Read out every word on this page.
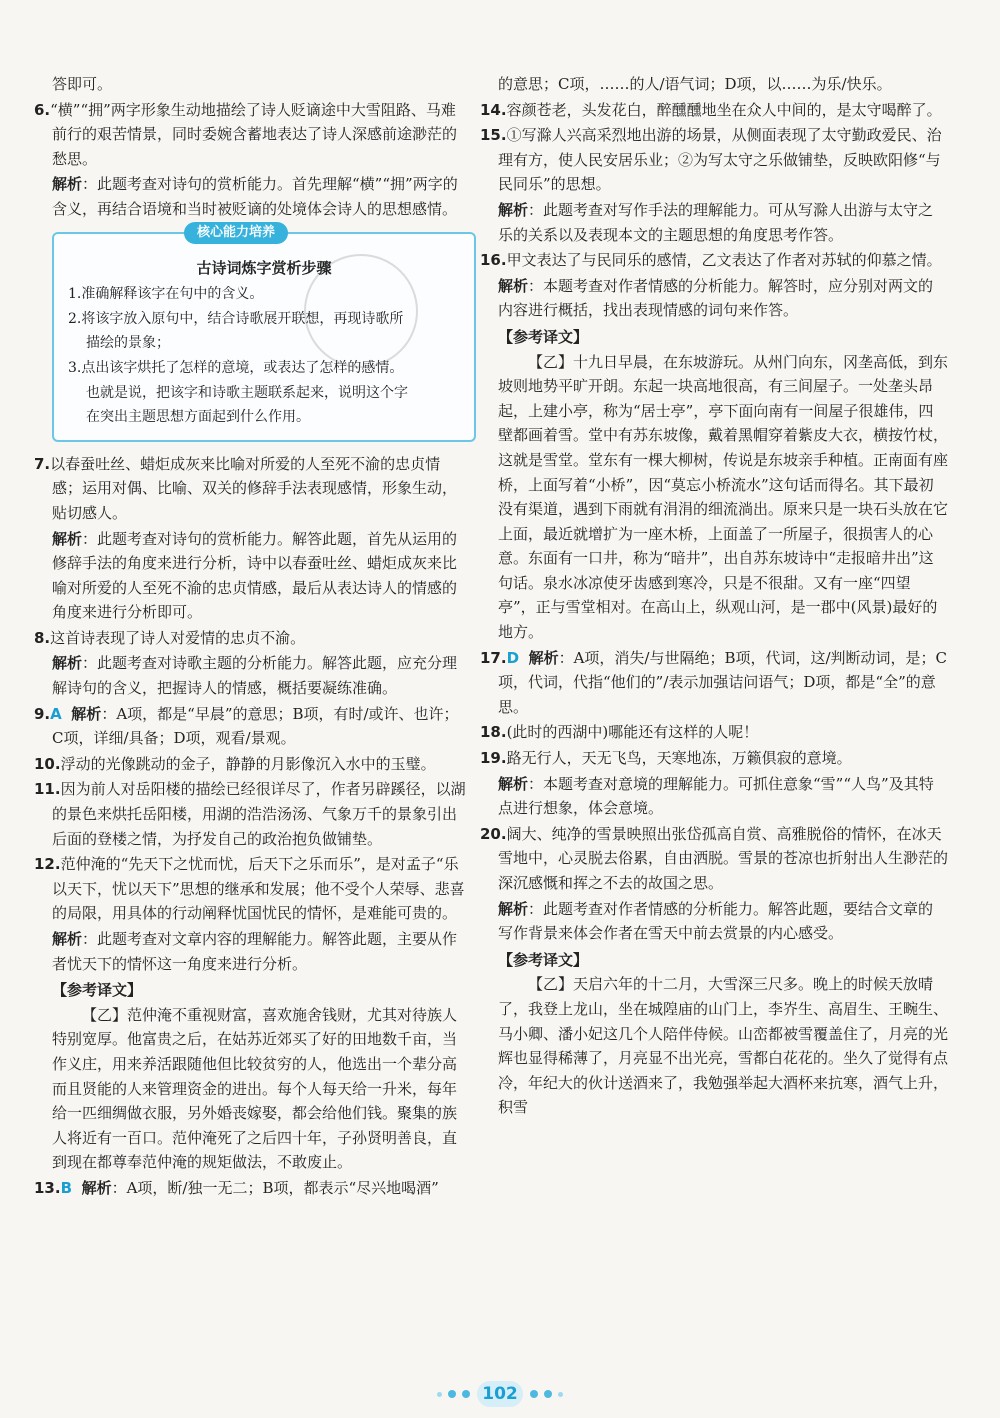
答即可。
6.“横”“拥”两字形象生动地描绘了诗人贬谪途中大雪阻路、马难前行的艰苦情景，同时委婉含蓄地表达了诗人深感前途渺茫的愁思。
解析：此题考查对诗句的赏析能力。首先理解“横”“拥”两字的含义，再结合语境和当时被贬谪的处境体会诗人的思想感情。
核心能力培养
古诗词炼字赏析步骤
1.准确解释该字在句中的含义。
2.将该字放入原句中，结合诗歌展开联想，再现诗歌所
描绘的景象；
3.点出该字烘托了怎样的意境，或表达了怎样的感情。
也就是说，把该字和诗歌主题联系起来，说明这个字
在突出主题思想方面起到什么作用。
7.以春蚕吐丝、蜡炬成灰来比喻对所爱的人至死不渝的忠贞情感；运用对偶、比喻、双关的修辞手法表现感情，形象生动，贴切感人。
解析：此题考查对诗句的赏析能力。解答此题，首先从运用的修辞手法的角度来进行分析，诗中以春蚕吐丝、蜡炬成灰来比喻对所爱的人至死不渝的忠贞情感，最后从表达诗人的情感的角度来进行分析即可。
8.这首诗表现了诗人对爱情的忠贞不渝。
解析：此题考查对诗歌主题的分析能力。解答此题，应充分理解诗句的含义，把握诗人的情感，概括要凝练准确。
9.A 解析：A项，都是“早晨”的意思；B项，有时/或许、也许；C项，详细/具备；D项，观看/景观。
10.浮动的光像跳动的金子，静静的月影像沉入水中的玉璧。
11.因为前人对岳阳楼的描绘已经很详尽了，作者另辟蹊径，以湖的景色来烘托岳阳楼，用湖的浩浩汤汤、气象万千的景象引出后面的登楼之情，为抒发自己的政治抱负做铺垫。
12.范仲淹的“先天下之忧而忧，后天下之乐而乐”，是对孟子“乐以天下，忧以天下”思想的继承和发展；他不受个人荣辱、悲喜的局限，用具体的行动阐释忧国忧民的情怀，是难能可贵的。
解析：此题考查对文章内容的理解能力。解答此题，主要从作者忧天下的情怀这一角度来进行分析。
【参考译文】
【乙】范仲淹不重视财富，喜欢施舍钱财，尤其对待族人特别宽厚。他富贵之后，在姑苏近郊买了好的田地数千亩，当作义庄，用来养活跟随他但比较贫穷的人，他选出一个辈分高而且贤能的人来管理资金的进出。每个人每天给一升米，每年给一匹细绸做衣服，另外婚丧嫁娶，都会给他们钱。聚集的族人将近有一百口。范仲淹死了之后四十年，子孙贤明善良，直到现在都尊奉范仲淹的规矩做法，不敢废止。
13.B 解析：A项，断/独一无二；B项，都表示“尽兴地喝酒”
的意思；C项，……的人/语气词；D项，以……为乐/快乐。
14.容颜苍老，头发花白，醉醺醺地坐在众人中间的，是太守喝醉了。
15.①写滁人兴高采烈地出游的场景，从侧面表现了太守勤政爱民、治理有方，使人民安居乐业；②为写太守之乐做铺垫，反映欧阳修“与民同乐”的思想。
解析：此题考查对写作手法的理解能力。可从写滁人出游与太守之乐的关系以及表现本文的主题思想的角度思考作答。
16.甲文表达了与民同乐的感情，乙文表达了作者对苏轼的仰慕之情。
解析：本题考查对作者情感的分析能力。解答时，应分别对两文的内容进行概括，找出表现情感的词句来作答。
【参考译文】
【乙】十九日早晨，在东坡游玩。从州门向东，冈垄高低，到东坡则地势平旷开朗。东起一块高地很高，有三间屋子。一处垄头昂起，上建小亭，称为“居士亭”，亭下面向南有一间屋子很雄伟，四壁都画着雪。堂中有苏东坡像，戴着黑帽穿着紫皮大衣，横按竹杖，这就是雪堂。堂东有一棵大柳树，传说是东坡亲手种植。正南面有座桥，上面写着“小桥”，因“莫忘小桥流水”这句话而得名。其下最初没有渠道，遇到下雨就有涓涓的细流淌出。原来只是一块石头放在它上面，最近就增扩为一座木桥，上面盖了一所屋子，很损害人的心意。东面有一口井，称为“暗井”，出自苏东坡诗中“走报暗井出”这句话。泉水冰凉使牙齿感到寒冷，只是不很甜。又有一座“四望亭”，正与雪堂相对。在高山上，纵观山河，是一郡中(风景)最好的地方。
17.D 解析：A项，消失/与世隔绝；B项，代词，这/判断动词，是；C项，代词，代指“他们的”/表示加强诘问语气；D项，都是“全”的意思。
18.(此时的西湖中)哪能还有这样的人呢！
19.路无行人，天无飞鸟，天寒地冻，万籁俱寂的意境。
解析：本题考查对意境的理解能力。可抓住意象“雪”“人鸟”及其特点进行想象，体会意境。
20.阔大、纯净的雪景映照出张岱孤高自赏、高雅脱俗的情怀，在冰天雪地中，心灵脱去俗累，自由洒脱。雪景的苍凉也折射出人生渺茫的深沉感慨和挥之不去的故国之思。
解析：此题考查对作者情感的分析能力。解答此题，要结合文章的写作背景来体会作者在雪天中前去赏景的内心感受。
【参考译文】
【乙】天启六年的十二月，大雪深三尺多。晚上的时候天放晴了，我登上龙山，坐在城隍庙的山门上，李岕生、高眉生、王畹生、马小卿、潘小妃这几个人陪伴侍候。山峦都被雪覆盖住了，月亮的光辉也显得稀薄了，月亮显不出光亮，雪都白花花的。坐久了觉得有点冷，年纪大的伙计送酒来了，我勉强举起大酒杯来抗寒，酒气上升，积雪
102
